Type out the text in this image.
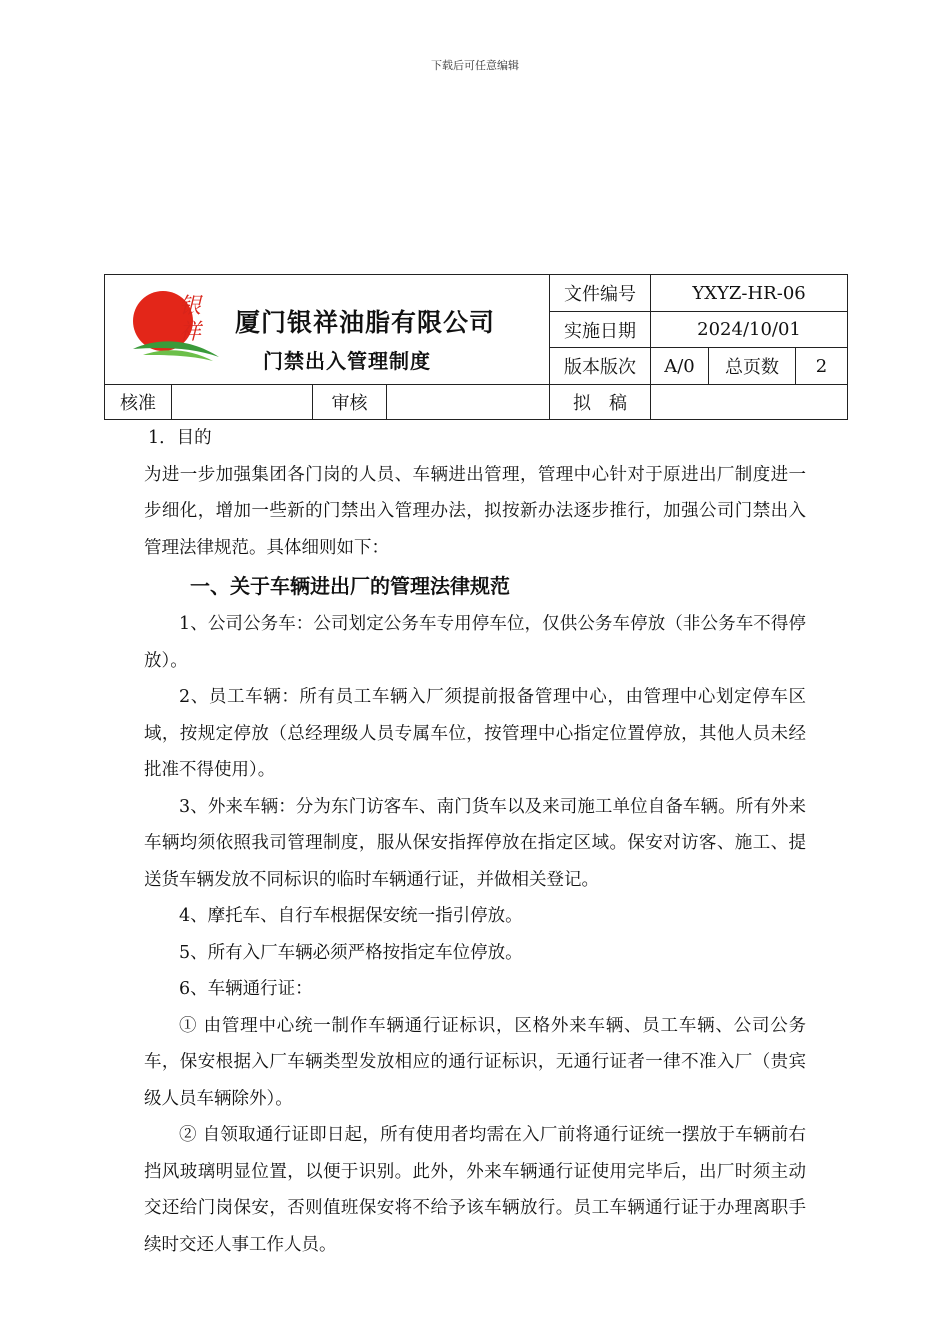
下载后可任意编辑
银
祥 厦门银祥油脂有限公司
门禁出入管理制度				文件编号	YXYZ-HR-06		
				实施日期	2024/10/01		
				版本版次	A/0	总页数	2
核准		审核		拟　稿			

1．目的

为进一步加强集团各门岗的人员、车辆进出管理，管理中心针对于原进出厂制度进一步细化，增加一些新的门禁出入管理办法，拟按新办法逐步推行，加强公司门禁出入管理法律规范。具体细则如下：

一、关于车辆进出厂的管理法律规范

1、公司公务车：公司划定公务车专用停车位，仅供公务车停放（非公务车不得停放）。

2、员工车辆：所有员工车辆入厂须提前报备管理中心，由管理中心划定停车区域，按规定停放（总经理级人员专属车位，按管理中心指定位置停放，其他人员未经批准不得使用）。

3、外来车辆：分为东门访客车、南门货车以及来司施工单位自备车辆。所有外来车辆均须依照我司管理制度，服从保安指挥停放在指定区域。保安对访客、施工、提送货车辆发放不同标识的临时车辆通行证，并做相关登记。

4、摩托车、自行车根据保安统一指引停放。

5、所有入厂车辆必须严格按指定车位停放。

6、车辆通行证：

① 由管理中心统一制作车辆通行证标识，区格外来车辆、员工车辆、公司公务车，保安根据入厂车辆类型发放相应的通行证标识，无通行证者一律不准入厂（贵宾级人员车辆除外）。

② 自领取通行证即日起，所有使用者均需在入厂前将通行证统一摆放于车辆前右挡风玻璃明显位置，以便于识别。此外，外来车辆通行证使用完毕后，出厂时须主动交还给门岗保安，否则值班保安将不给予该车辆放行。员工车辆通行证于办理离职手续时交还人事工作人员。
